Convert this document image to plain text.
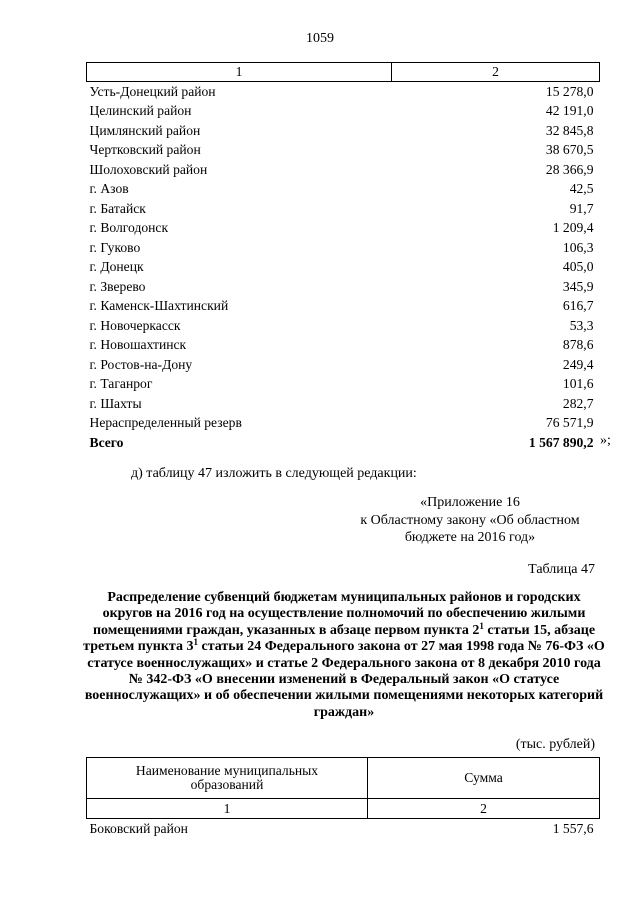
1059
1	2
Усть-Донецкий район	15 278,0
Целинский район	42 191,0
Цимлянский район	32 845,8
Чертковский район	38 670,5
Шолоховский район	28 366,9
г. Азов	42,5
г. Батайск	91,7
г. Волгодонск	1 209,4
г. Гуково	106,3
г. Донецк	405,0
г. Зверево	345,9
г. Каменск-Шахтинский	616,7
г. Новочеркасск	53,3
г. Новошахтинск	878,6
г. Ростов-на-Дону	249,4
г. Таганрог	101,6
г. Шахты	282,7
Нераспределенный резерв	76 571,9
Всего	1 567 890,2 »;
д) таблицу 47 изложить в следующей редакции:
«Приложение 16
к Областному закону «Об областном
бюджете на 2016 год»
Таблица 47
Распределение субвенций бюджетам муниципальных районов и городских округов на 2016 год на осуществление полномочий по обеспечению жилыми помещениями граждан, указанных в абзаце первом пункта $2^1$ статьи 15, абзаце третьем пункта $3^1$ статьи 24 Федерального закона от 27 мая 1998 года № 76-ФЗ «О статусе военнослужащих» и статье 2 Федерального закона от 8 декабря 2010 года № 342-ФЗ «О внесении изменений в Федеральный закон «О статусе военнослужащих» и об обеспечении жилыми помещениями некоторых категорий граждан»
(тыс. рублей)
Наименование муниципальных образований	Сумма
1	2
Боковский район	1 557,6
